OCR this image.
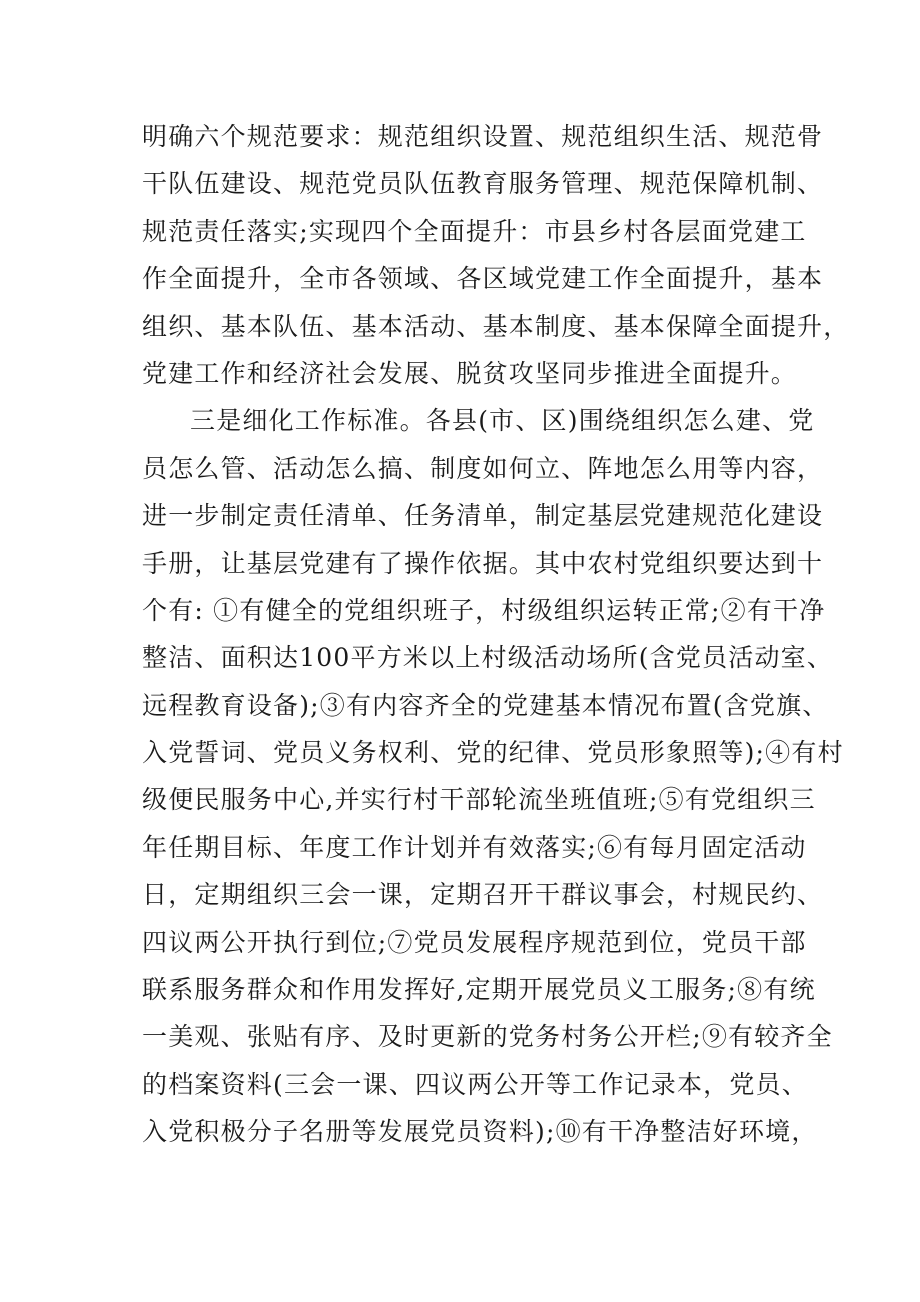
明确六个规范要求：规范组织设置、规范组织生活、规范骨
干队伍建设、规范党员队伍教育服务管理、规范保障机制、
规范责任落实;实现四个全面提升：市县乡村各层面党建工
作全面提升，全市各领域、各区域党建工作全面提升，基本
组织、基本队伍、基本活动、基本制度、基本保障全面提升，
党建工作和经济社会发展、脱贫攻坚同步推进全面提升。
三是细化工作标准。各县(市、区)围绕组织怎么建、党
员怎么管、活动怎么搞、制度如何立、阵地怎么用等内容，
进一步制定责任清单、任务清单，制定基层党建规范化建设
手册，让基层党建有了操作依据。其中农村党组织要达到十
个有: ①有健全的党组织班子，村级组织运转正常;②有干净
整洁、面积达100平方米以上村级活动场所(含党员活动室、
远程教育设备);③有内容齐全的党建基本情况布置(含党旗、
入党誓词、党员义务权利、党的纪律、党员形象照等);④有村
级便民服务中心,并实行村干部轮流坐班值班;⑤有党组织三
年任期目标、年度工作计划并有效落实;⑥有每月固定活动
日，定期组织三会一课，定期召开干群议事会，村规民约、
四议两公开执行到位;⑦党员发展程序规范到位，党员干部
联系服务群众和作用发挥好,定期开展党员义工服务;⑧有统
一美观、张贴有序、及时更新的党务村务公开栏;⑨有较齐全
的档案资料(三会一课、四议两公开等工作记录本，党员、
入党积极分子名册等发展党员资料);⑩有干净整洁好环境，
